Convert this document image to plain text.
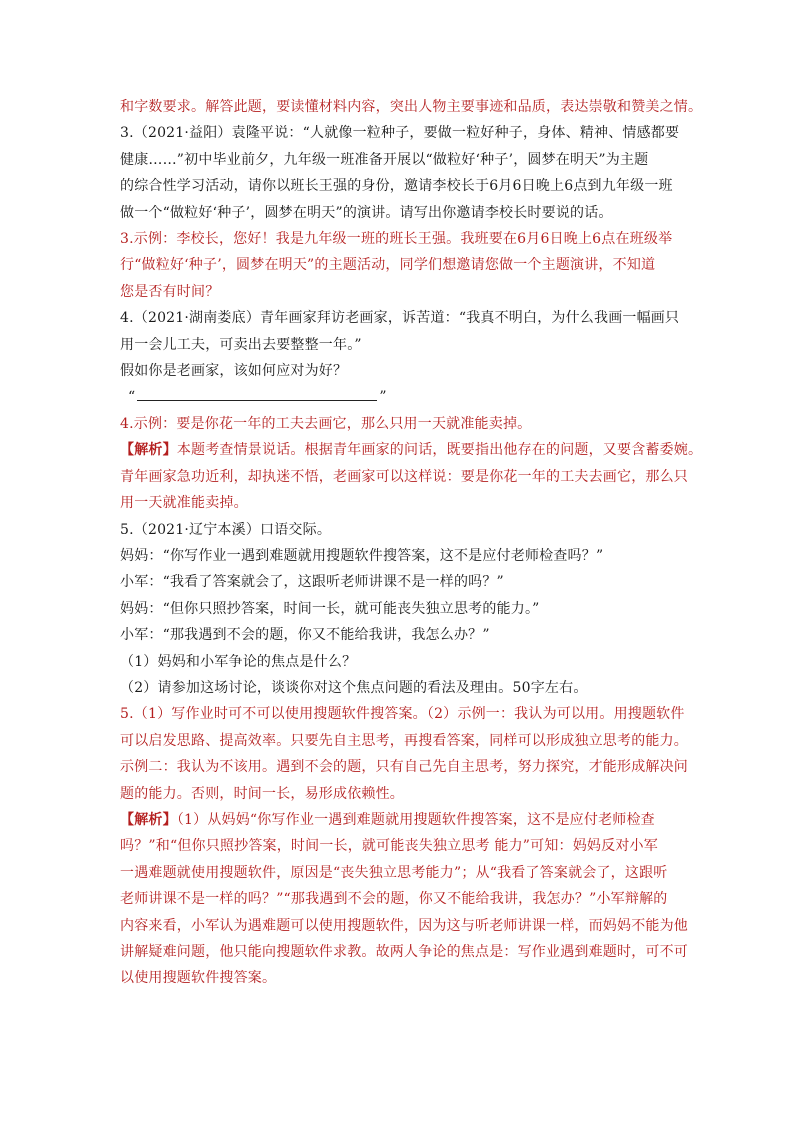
和字数要求。解答此题，要读懂材料内容，突出人物主要事迹和品质，表达崇敬和赞美之情。

3.（2021·益阳）袁隆平说：“人就像一粒种子，要做一粒好种子，身体、精神、情感都要

健康……”初中毕业前夕，九年级一班准备开展以“做粒好‘种子’，圆梦在明天”为主题

的综合性学习活动，请你以班长王强的身份，邀请李校长于6月6日晚上6点到九年级一班

做一个“做粒好‘种子’，圆梦在明天”的演讲。请写出你邀请李校长时要说的话。

3.示例：李校长，您好！我是九年级一班的班长王强。我班要在6月6日晚上6点在班级举

行“做粒好‘种子’，圆梦在明天”的主题活动，同学们想邀请您做一个主题演讲，不知道

您是否有时间？

4.（2021·湖南娄底）青年画家拜访老画家，诉苦道：“我真不明白，为什么我画一幅画只

用一会儿工夫，可卖出去要整整一年。”

假如你是老画家，该如何应对为好？

“	”

4.示例：要是你花一年的工夫去画它，那么只用一天就准能卖掉。

【解析】本题考查情景说话。根据青年画家的问话，既要指出他存在的问题，又要含蓄委婉。

青年画家急功近利，却执迷不悟，老画家可以这样说：要是你花一年的工夫去画它，那么只

用一天就准能卖掉。

5.（2021·辽宁本溪）口语交际。

妈妈：“你写作业一遇到难题就用搜题软件搜答案，这不是应付老师检查吗？”

小军：“我看了答案就会了，这跟听老师讲课不是一样的吗？”

妈妈：“但你只照抄答案，时间一长，就可能丧失独立思考的能力。”

小军：“那我遇到不会的题，你又不能给我讲，我怎么办？”

（1）妈妈和小军争论的焦点是什么？

（2）请参加这场讨论，谈谈你对这个焦点问题的看法及理由。50字左右。

5.（1）写作业时可不可以使用搜题软件搜答案。（2）示例一：我认为可以用。用搜题软件

可以启发思路、提高效率。只要先自主思考，再搜看答案，同样可以形成独立思考的能力。

示例二：我认为不该用。遇到不会的题，只有自己先自主思考，努力探究，才能形成解决问

题的能力。否则，时间一长，易形成依赖性。

【解析】（1）从妈妈“你写作业一遇到难题就用搜题软件搜答案，这不是应付老师检查

吗？”和“但你只照抄答案，时间一长，就可能丧失独立思考 能力”可知：妈妈反对小军

一遇难题就使用搜题软件，原因是“丧失独立思考能力”；从“我看了答案就会了，这跟听

老师讲课不是一样的吗？”“那我遇到不会的题，你又不能给我讲，我怎办？”小军辩解的

内容来看，小军认为遇难题可以使用搜题软件，因为这与听老师讲课一样，而妈妈不能为他

讲解疑难问题，他只能向搜题软件求教。故两人争论的焦点是：写作业遇到难题时，可不可

以使用搜题软件搜答案。
